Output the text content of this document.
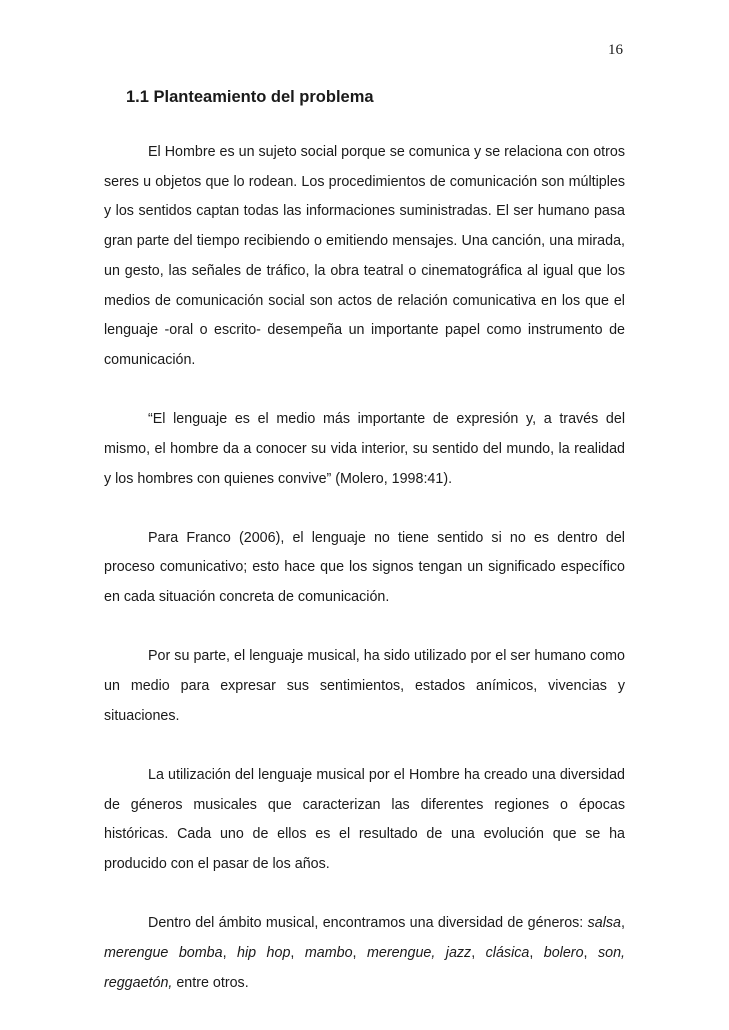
16
1.1 Planteamiento del problema

El Hombre es un sujeto social porque se comunica y se relaciona con otros seres u objetos que lo rodean. Los procedimientos de comunicación son múltiples y los sentidos captan todas las informaciones suministradas. El ser humano pasa gran parte del tiempo recibiendo o emitiendo mensajes. Una canción, una mirada, un gesto, las señales de tráfico, la obra teatral o cinematográfica al igual que los medios de comunicación social son actos de relación comunicativa en los que el lenguaje -oral o escrito- desempeña un importante papel como instrumento de comunicación.

“El lenguaje es el medio más importante de expresión y, a través del mismo, el hombre da a conocer su vida interior, su sentido del mundo, la realidad y los hombres con quienes convive” (Molero, 1998:41).

Para Franco (2006), el lenguaje no tiene sentido si no es dentro del proceso comunicativo; esto hace que los signos tengan un significado específico en cada situación concreta de comunicación.

Por su parte, el lenguaje musical, ha sido utilizado por el ser humano como un medio para expresar sus sentimientos, estados anímicos, vivencias y situaciones.

La utilización del lenguaje musical por el Hombre ha creado una diversidad de géneros musicales que caracterizan las diferentes regiones o épocas históricas. Cada uno de ellos es el resultado de una evolución que se ha producido con el pasar de los años.

Dentro del ámbito musical, encontramos una diversidad de géneros: salsa, merengue bomba, hip hop, mambo, merengue, jazz, clásica, bolero, son, reggaetón, entre otros.
